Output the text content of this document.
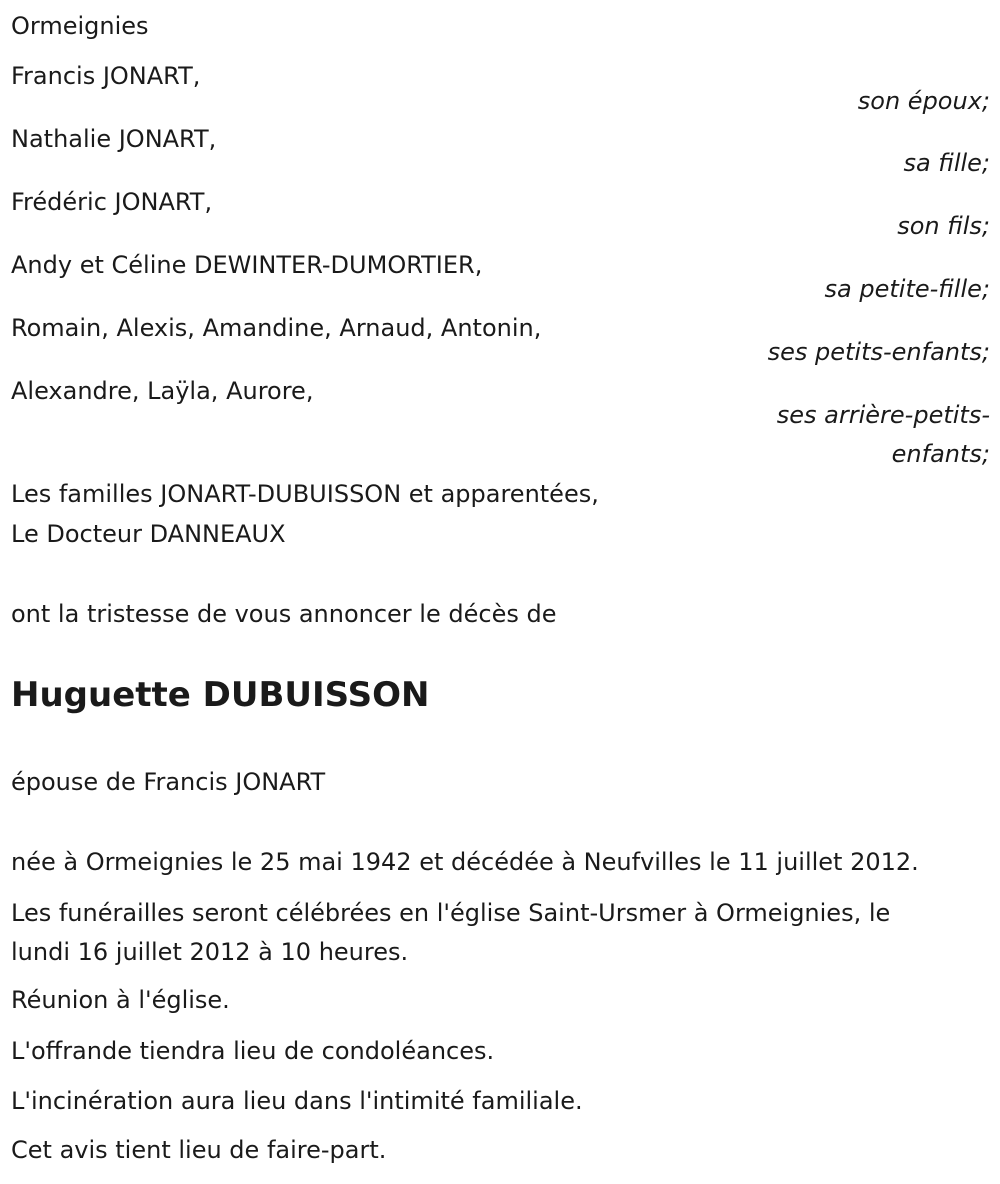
Ormeignies
Francis JONART,
son époux;
Nathalie JONART,
sa fille;
Frédéric JONART,
son fils;
Andy et Céline DEWINTER-DUMORTIER,
sa petite-fille;
Romain, Alexis, Amandine, Arnaud, Antonin,
ses petits-enfants;
Alexandre, Laÿla, Aurore,
ses arrière-petits-
enfants;
Les familles JONART-DUBUISSON et apparentées,
Le Docteur DANNEAUX
ont la tristesse de vous annoncer le décès de
Huguette DUBUISSON
épouse de Francis JONART
née à Ormeignies le 25 mai 1942 et décédée à Neufvilles le 11 juillet 2012.
Les funérailles seront célébrées en l'église Saint-Ursmer à Ormeignies, le
lundi 16 juillet 2012 à 10 heures.
Réunion à l'église.
L'offrande tiendra lieu de condoléances.
L'incinération aura lieu dans l'intimité familiale.
Cet avis tient lieu de faire-part.
